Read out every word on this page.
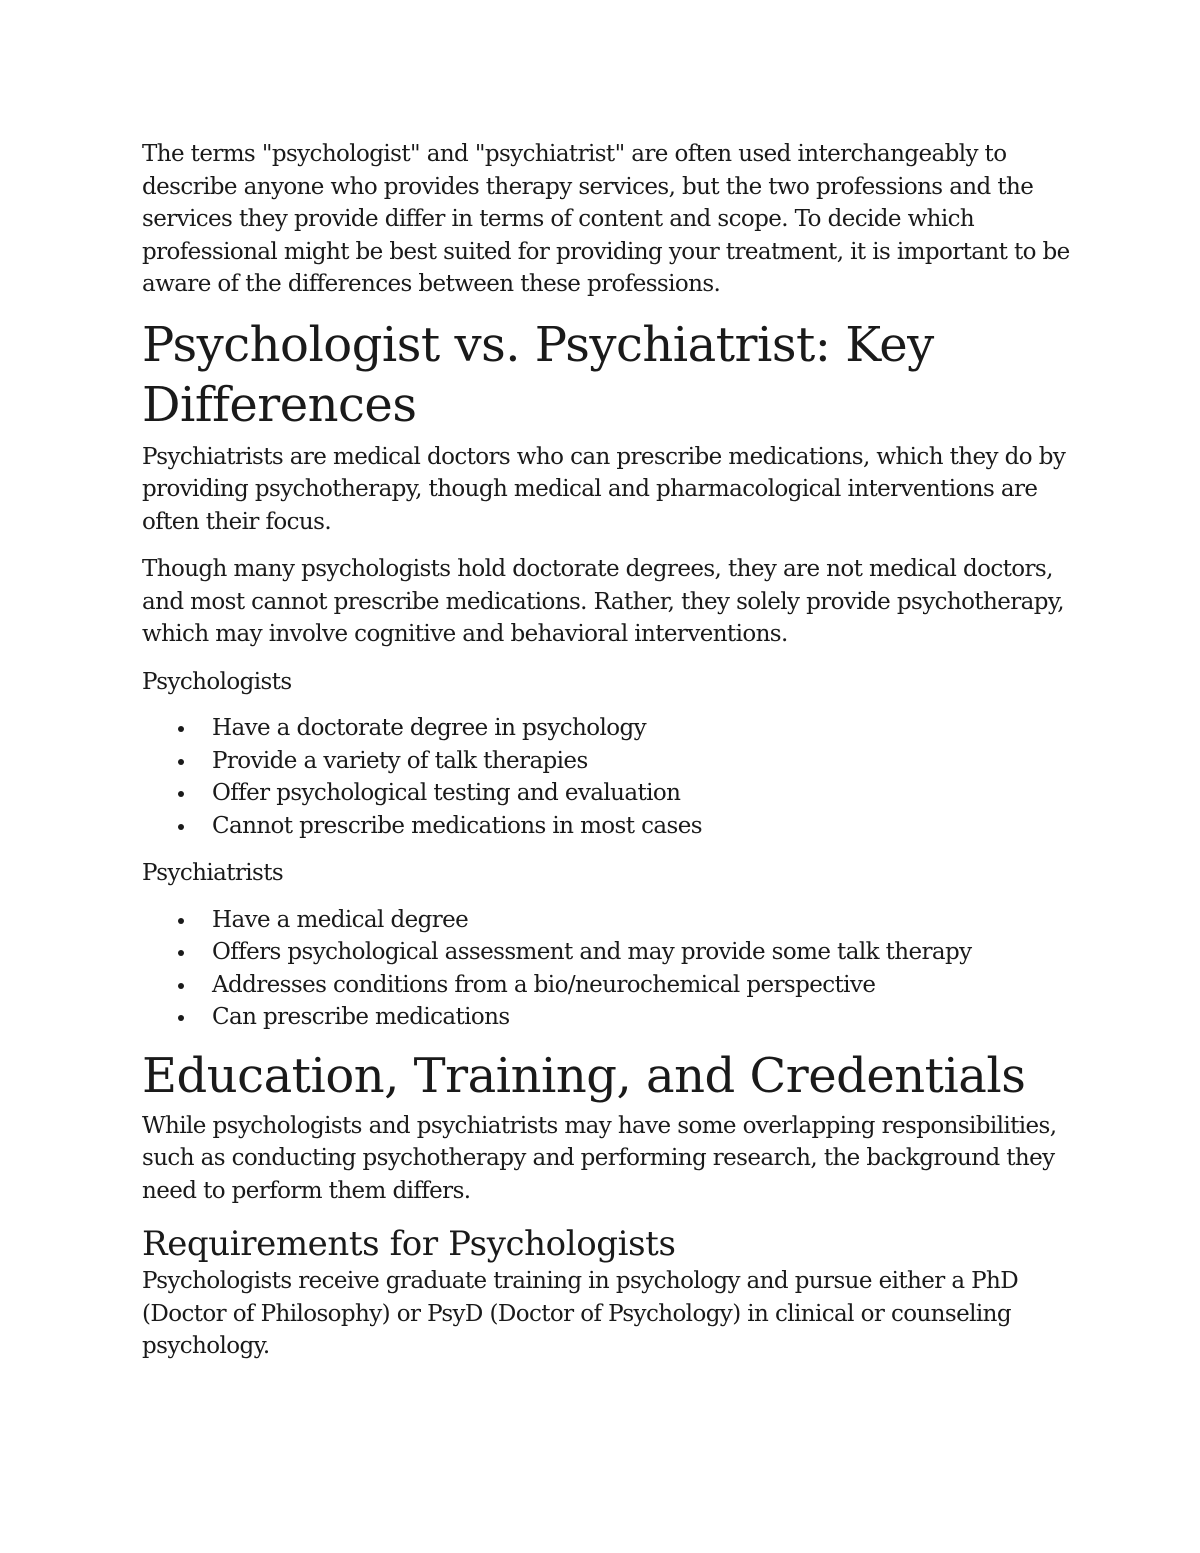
The terms "psychologist" and "psychiatrist" are often used interchangeably to describe anyone who provides therapy services, but the two professions and the services they provide differ in terms of content and scope. To decide which professional might be best suited for providing your treatment, it is important to be aware of the differences between these professions.

Psychologist vs. Psychiatrist: Key Differences

Psychiatrists are medical doctors who can prescribe medications, which they do by providing psychotherapy, though medical and pharmacological interventions are often their focus.

Though many psychologists hold doctorate degrees, they are not medical doctors, and most cannot prescribe medications. Rather, they solely provide psychotherapy, which may involve cognitive and behavioral interventions.

Psychologists

Have a doctorate degree in psychology
Provide a variety of talk therapies
Offer psychological testing and evaluation
Cannot prescribe medications in most cases

Psychiatrists

Have a medical degree
Offers psychological assessment and may provide some talk therapy
Addresses conditions from a bio/neurochemical perspective
Can prescribe medications
Education, Training, and Credentials

While psychologists and psychiatrists may have some overlapping responsibilities, such as conducting psychotherapy and performing research, the background they need to perform them differs.

Requirements for Psychologists

Psychologists receive graduate training in psychology and pursue either a PhD (Doctor of Philosophy) or PsyD (Doctor of Psychology) in clinical or counseling psychology.
